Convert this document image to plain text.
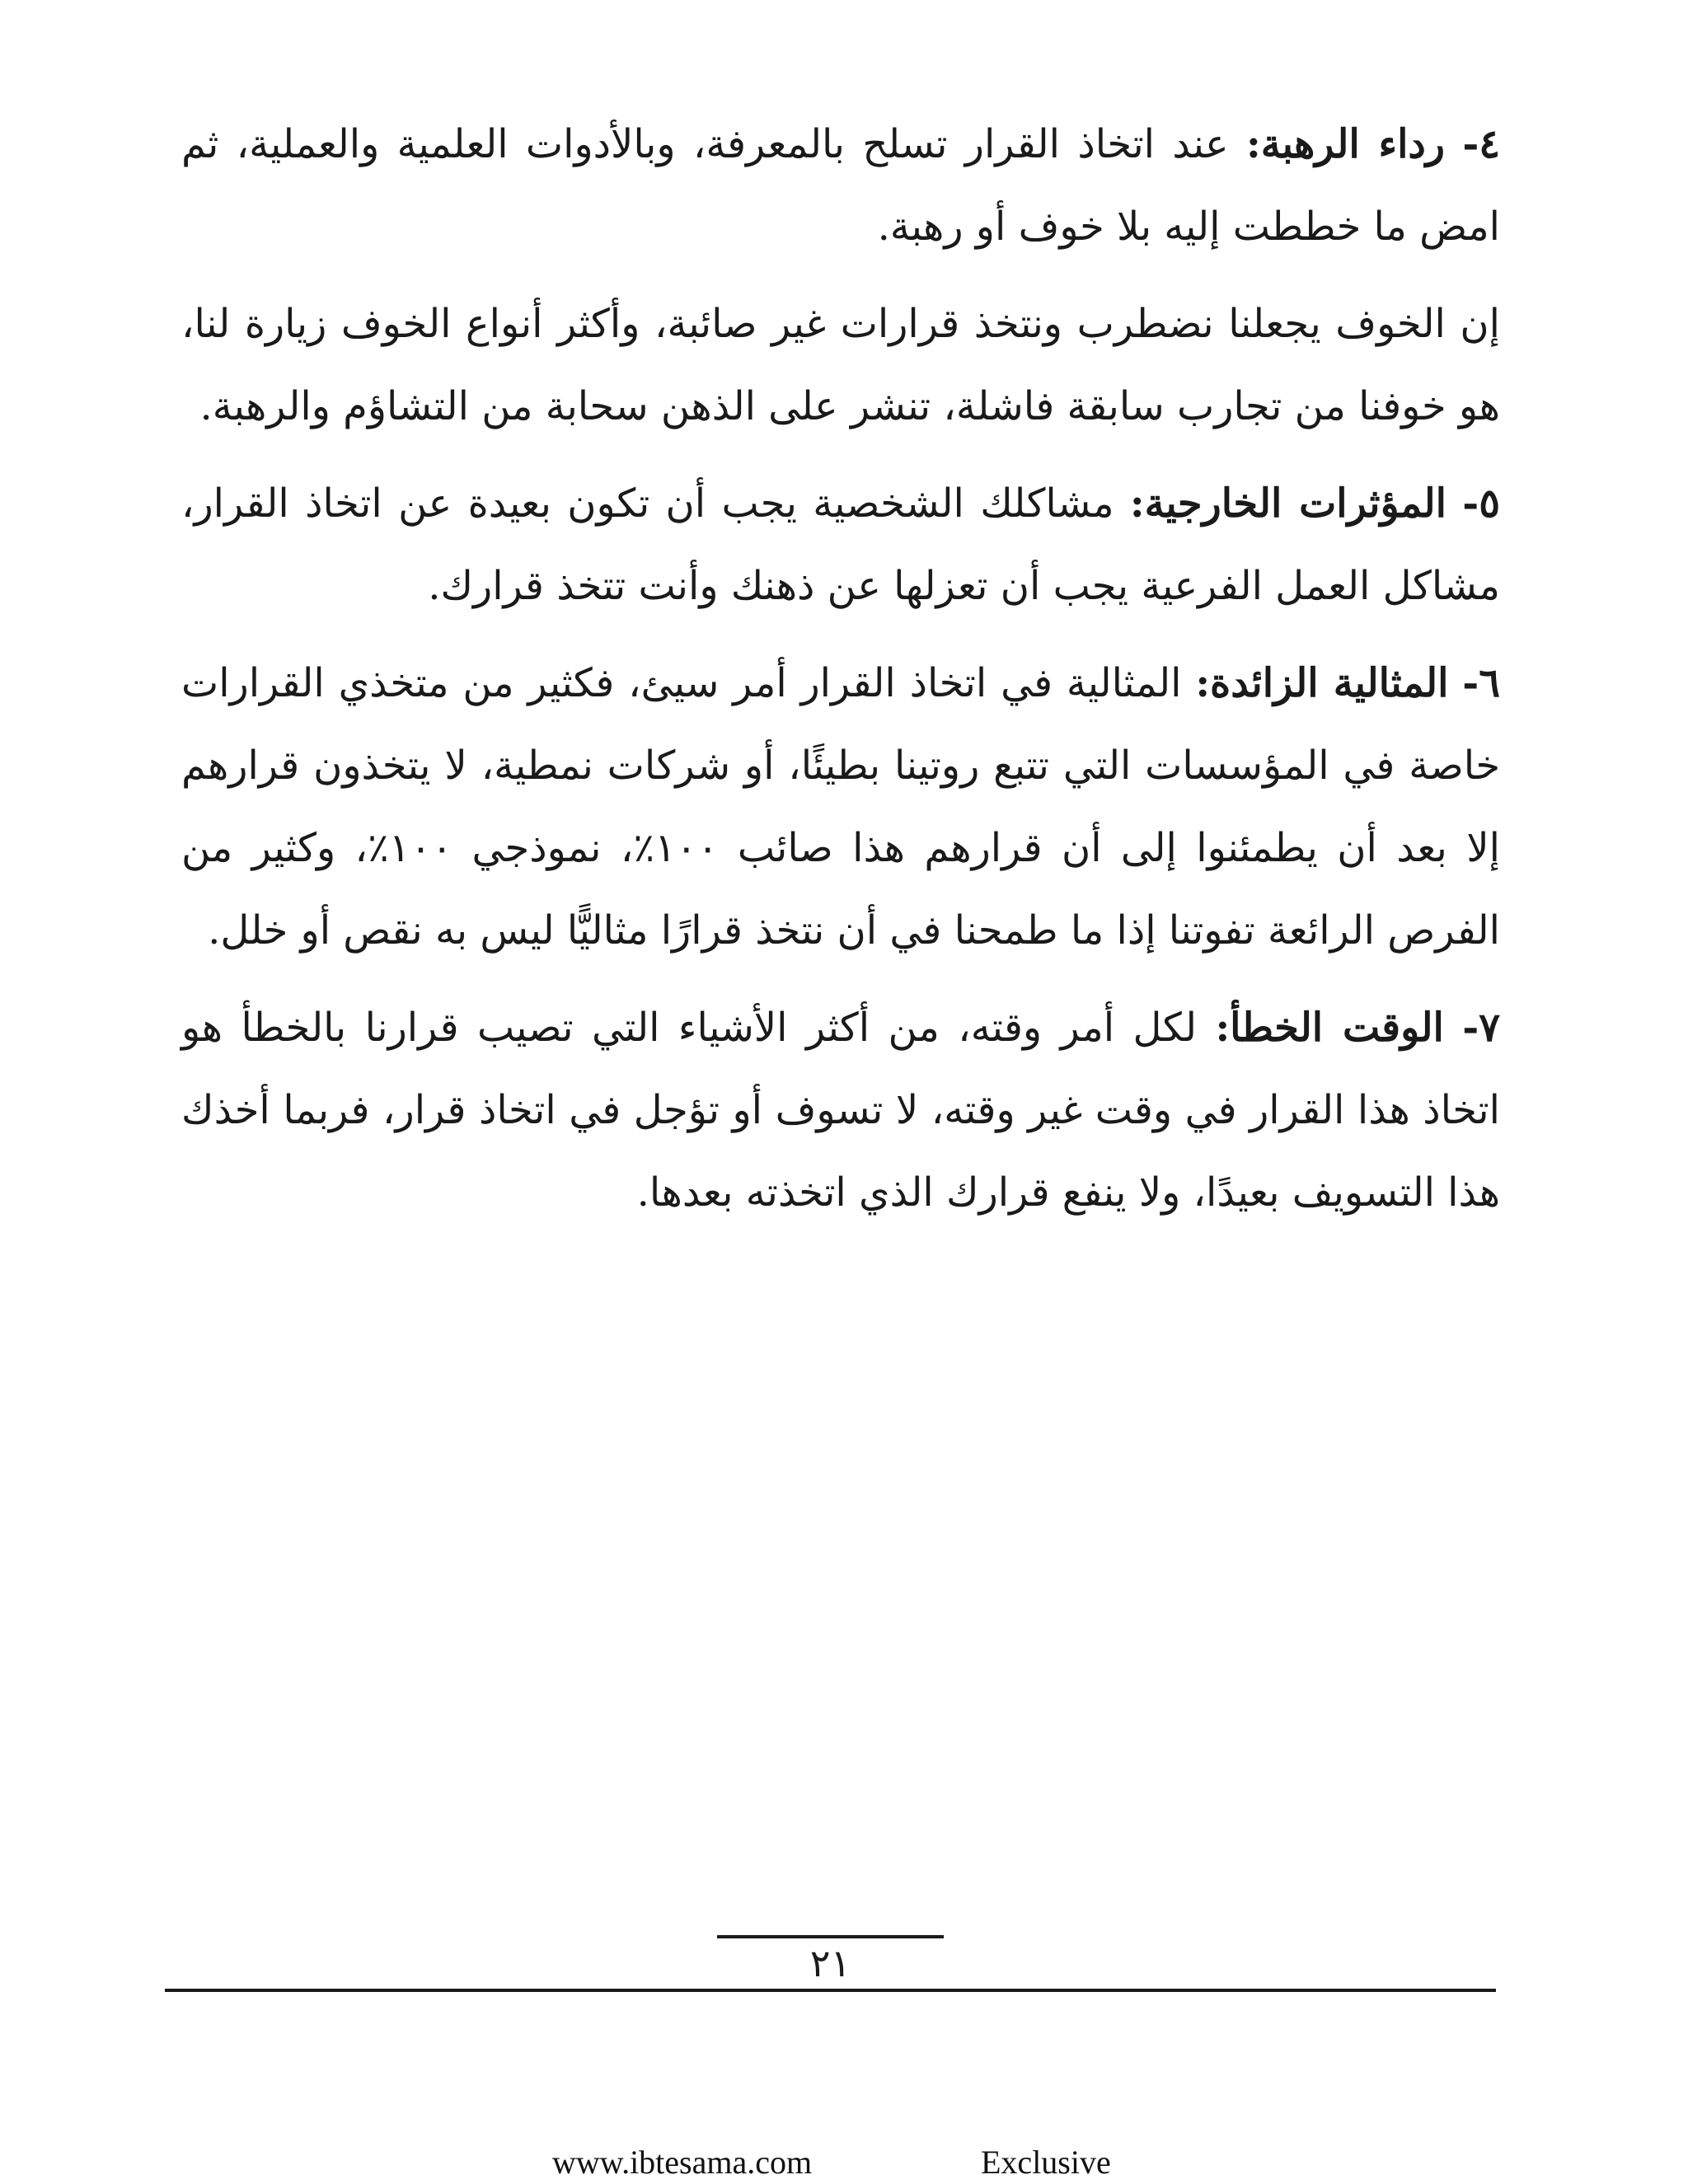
٤- رداء الرهبة: عند اتخاذ القرار تسلح بالمعرفة، وبالأدوات العلمية والعملية، ثم امض ما خططت إليه بلا خوف أو رهبة.
إن الخوف يجعلنا نضطرب ونتخذ قرارات غير صائبة، وأكثر أنواع الخوف زيارة لنا، هو خوفنا من تجارب سابقة فاشلة، تنشر على الذهن سحابة من التشاؤم والرهبة.
٥- المؤثرات الخارجية: مشاكلك الشخصية يجب أن تكون بعيدة عن اتخاذ القرار، مشاكل العمل الفرعية يجب أن تعزلها عن ذهنك وأنت تتخذ قرارك.
٦- المثالية الزائدة: المثالية في اتخاذ القرار أمر سيئ، فكثير من متخذي القرارات خاصة في المؤسسات التي تتبع روتينا بطيئًا، أو شركات نمطية، لا يتخذون قرارهم إلا بعد أن يطمئنوا إلى أن قرارهم هذا صائب ١٠٠٪، نموذجي ١٠٠٪، وكثير من الفرص الرائعة تفوتنا إذا ما طمحنا في أن نتخذ قرارًا مثاليًّا ليس به نقص أو خلل.
٧- الوقت الخطأ: لكل أمر وقته، من أكثر الأشياء التي تصيب قرارنا بالخطأ هو اتخاذ هذا القرار في وقت غير وقته، لا تسوف أو تؤجل في اتخاذ قرار، فربما أخذك هذا التسويف بعيدًا، ولا ينفع قرارك الذي اتخذته بعدها.
٢١
www.ibtesama.com	Exclusive
